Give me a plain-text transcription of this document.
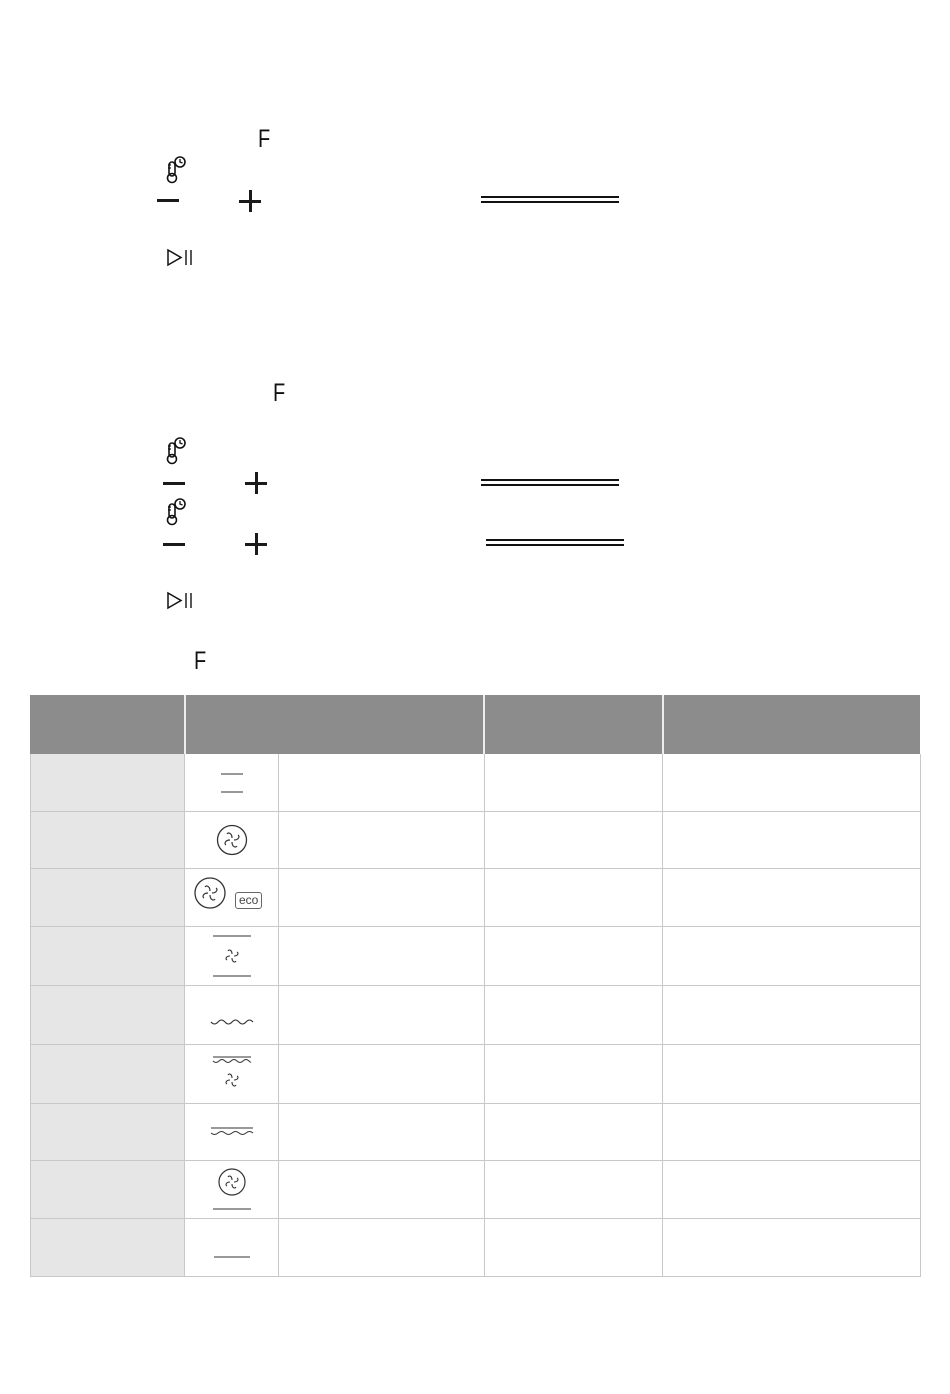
F
F
F
eco
